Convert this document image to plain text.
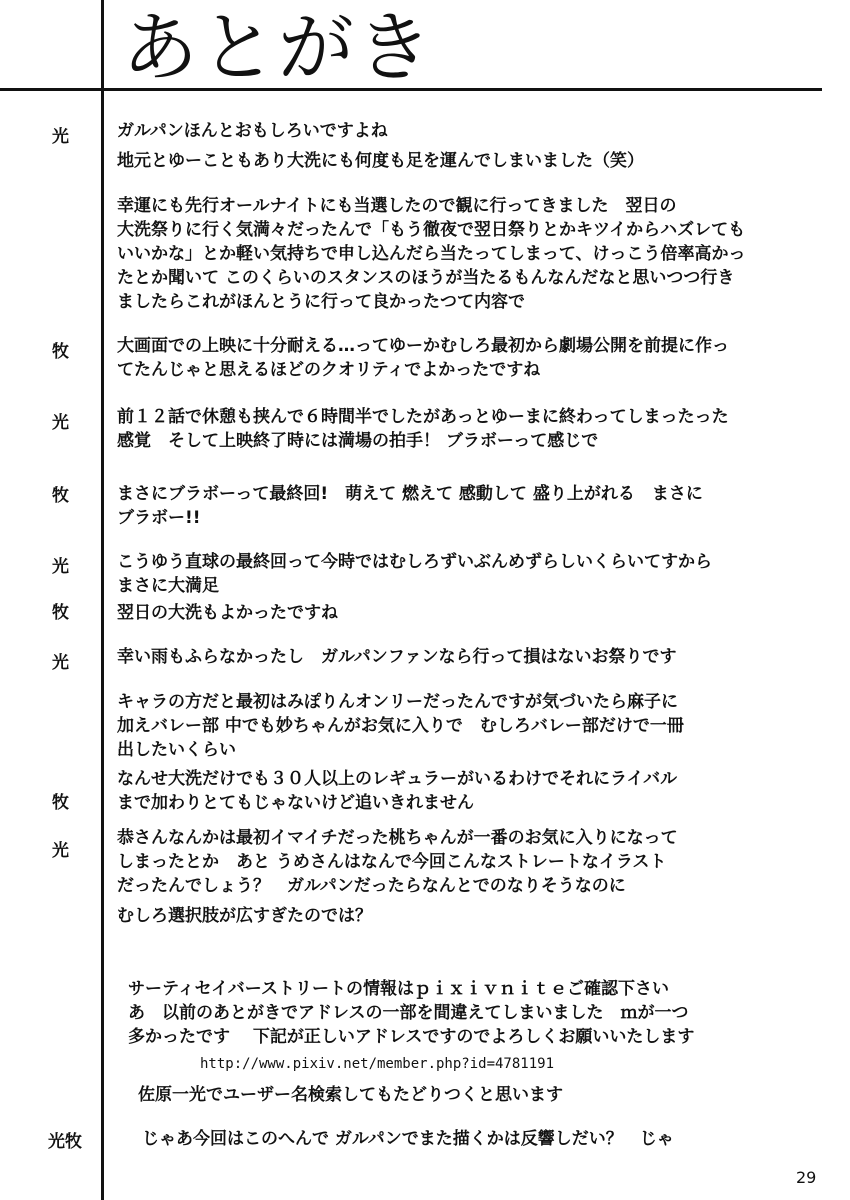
あとがき
光
牧
光
牧
光
牧
光
牧
光
光牧
ガルパンほんとおもしろいですよね
地元とゆーこともあり大洗にも何度も足を運んでしまいました（笑）
幸運にも先行オールナイトにも当選したので観に行ってきました　翌日の
大洗祭りに行く気満々だったんで「もう徹夜で翌日祭りとかキツイからハズレても
いいかな」とか軽い気持ちで申し込んだら当たってしまって、けっこう倍率高かっ
たとか聞いて このくらいのスタンスのほうが当たるもんなんだなと思いつつ行き
ましたらこれがほんとうに行って良かったつて内容で
大画面での上映に十分耐える…ってゆーかむしろ最初から劇場公開を前提に作っ
てたんじゃと思えるほどのクオリティでよかったですね
前１２話で休憩も挟んで６時間半でしたがあっとゆーまに終わってしまったった
感覚　そして上映終了時には満場の拍手！ ブラボーって感じで
まさにブラボーって最終回!　萌えて 燃えて 感動して 盛り上がれる　まさに
ブラボー!!
こうゆう直球の最終回って今時ではむしろずいぶんめずらしいくらいてすから
まさに大満足
翌日の大洗もよかったですね
幸い雨もふらなかったし　ガルパンファンなら行って損はないお祭りです
キャラの方だと最初はみぽりんオンリーだったんですが気づいたら麻子に
加えバレー部 中でも妙ちゃんがお気に入りで　むしろバレー部だけで一冊
出したいくらい
なんせ大洗だけでも３０人以上のレギュラーがいるわけでそれにライバル
まで加わりとてもじゃないけど追いきれません
恭さんなんかは最初イマイチだった桃ちゃんが一番のお気に入りになって
しまったとか　あと うめさんはなんで今回こんなストレートなイラスト
だったんでしょう？　ガルパンだったらなんとでのなりそうなのに
むしろ選択肢が広すぎたのでは？
サーティセイバーストリートの情報はｐｉｘｉｖｎｉｔｅご確認下さい
あ　以前のあとがきでアドレスの一部を間違えてしまいました　ｍが一つ
多かったです　 下記が正しいアドレスですのでよろしくお願いいたします
http://www.pixiv.net/member.php?id=4781191
佐原一光でユーザー名検索してもたどりつくと思います
じゃあ今回はこのへんで ガルパンでまた描くかは反響しだい？　じゃ
29
